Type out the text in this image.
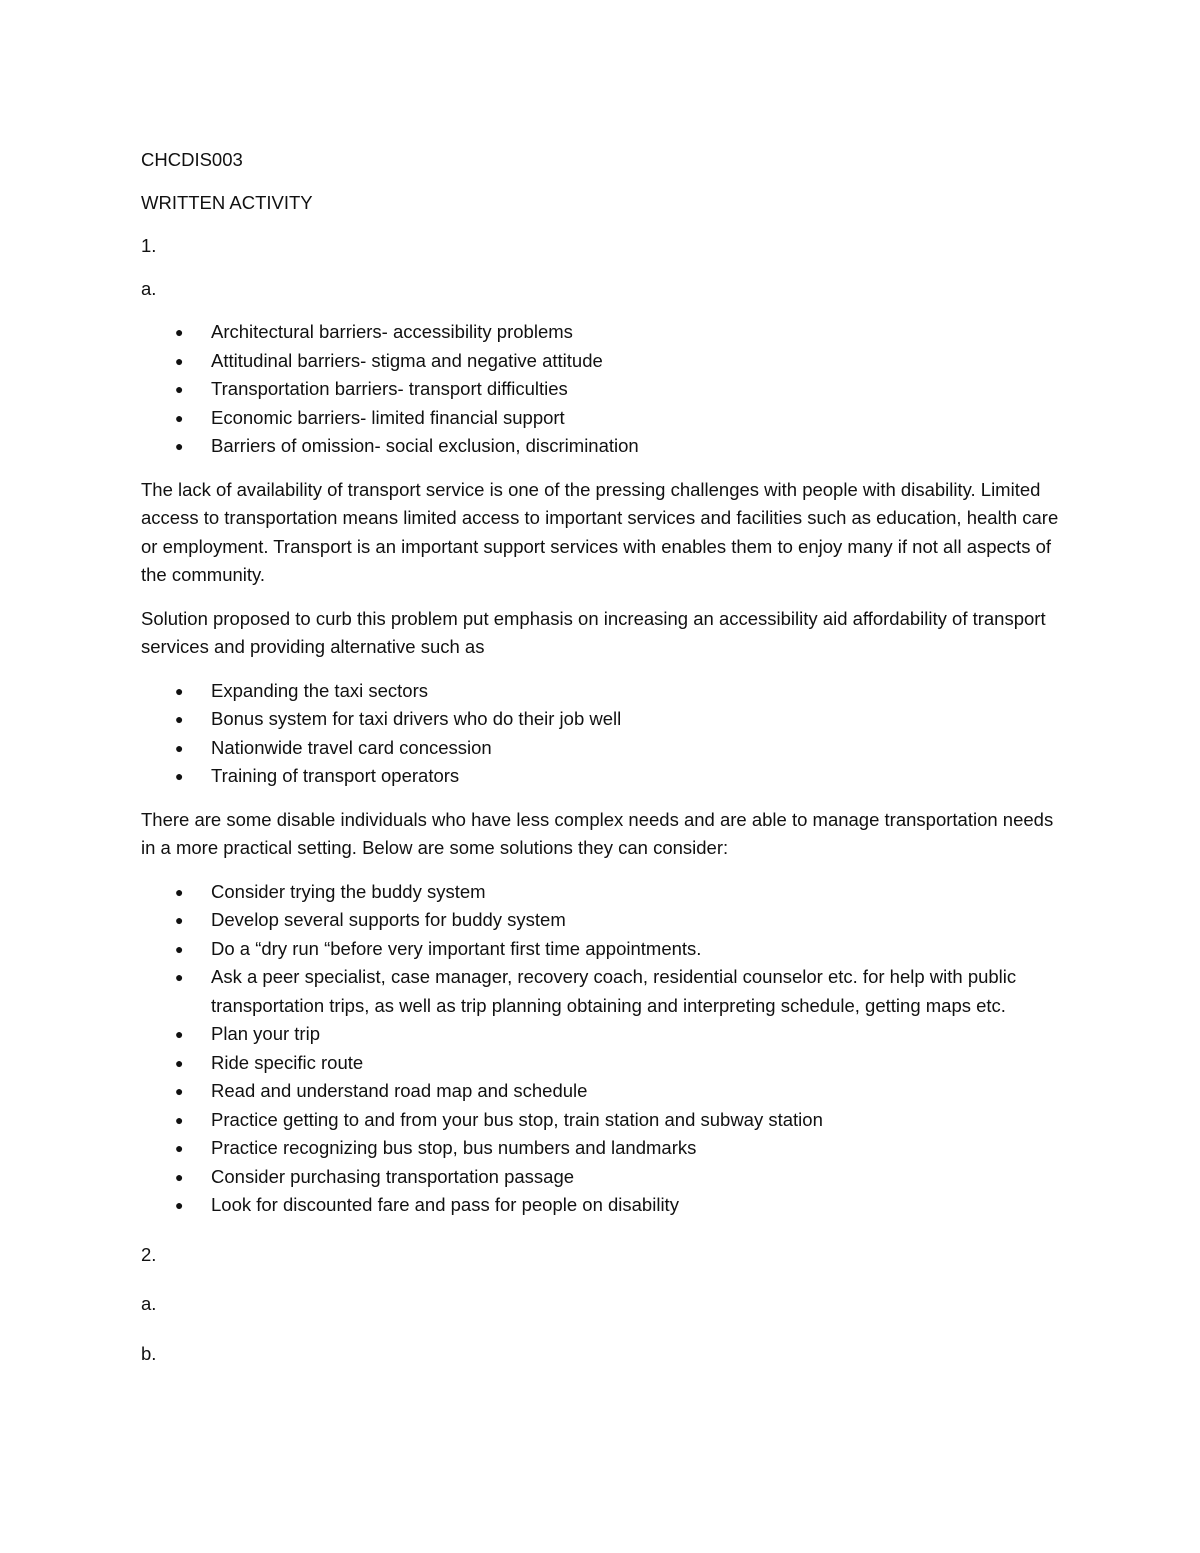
CHCDIS003
WRITTEN ACTIVITY
1.
a.
● Architectural barriers- accessibility problems
● Attitudinal barriers- stigma and negative attitude
● Transportation barriers- transport difficulties
● Economic barriers- limited financial support
● Barriers of omission- social exclusion, discrimination

The lack of availability of transport service is one of the pressing challenges with people with disability. Limited access to transportation means limited access to important services and facilities such as education, health care or employment. Transport is an important support services with enables them to enjoy many if not all aspects of the community.

Solution proposed to curb this problem put emphasis on increasing an accessibility aid affordability of transport services and providing alternative such as

● Expanding the taxi sectors
● Bonus system for taxi drivers who do their job well
● Nationwide travel card concession
● Training of transport operators

There are some disable individuals who have less complex needs and are able to manage transportation needs in a more practical setting. Below are some solutions they can consider:

● Consider trying the buddy system
● Develop several supports for buddy system
● Do a “dry run “before very important first time appointments.
● Ask a peer specialist, case manager, recovery coach, residential counselor etc. for help with public transportation trips, as well as trip planning obtaining and interpreting schedule, getting maps etc.
● Plan your trip
● Ride specific route
● Read and understand road map and schedule
● Practice getting to and from your bus stop, train station and subway station
● Practice recognizing bus stop, bus numbers and landmarks
● Consider purchasing transportation passage
● Look for discounted fare and pass for people on disability
2.
a.
b.
